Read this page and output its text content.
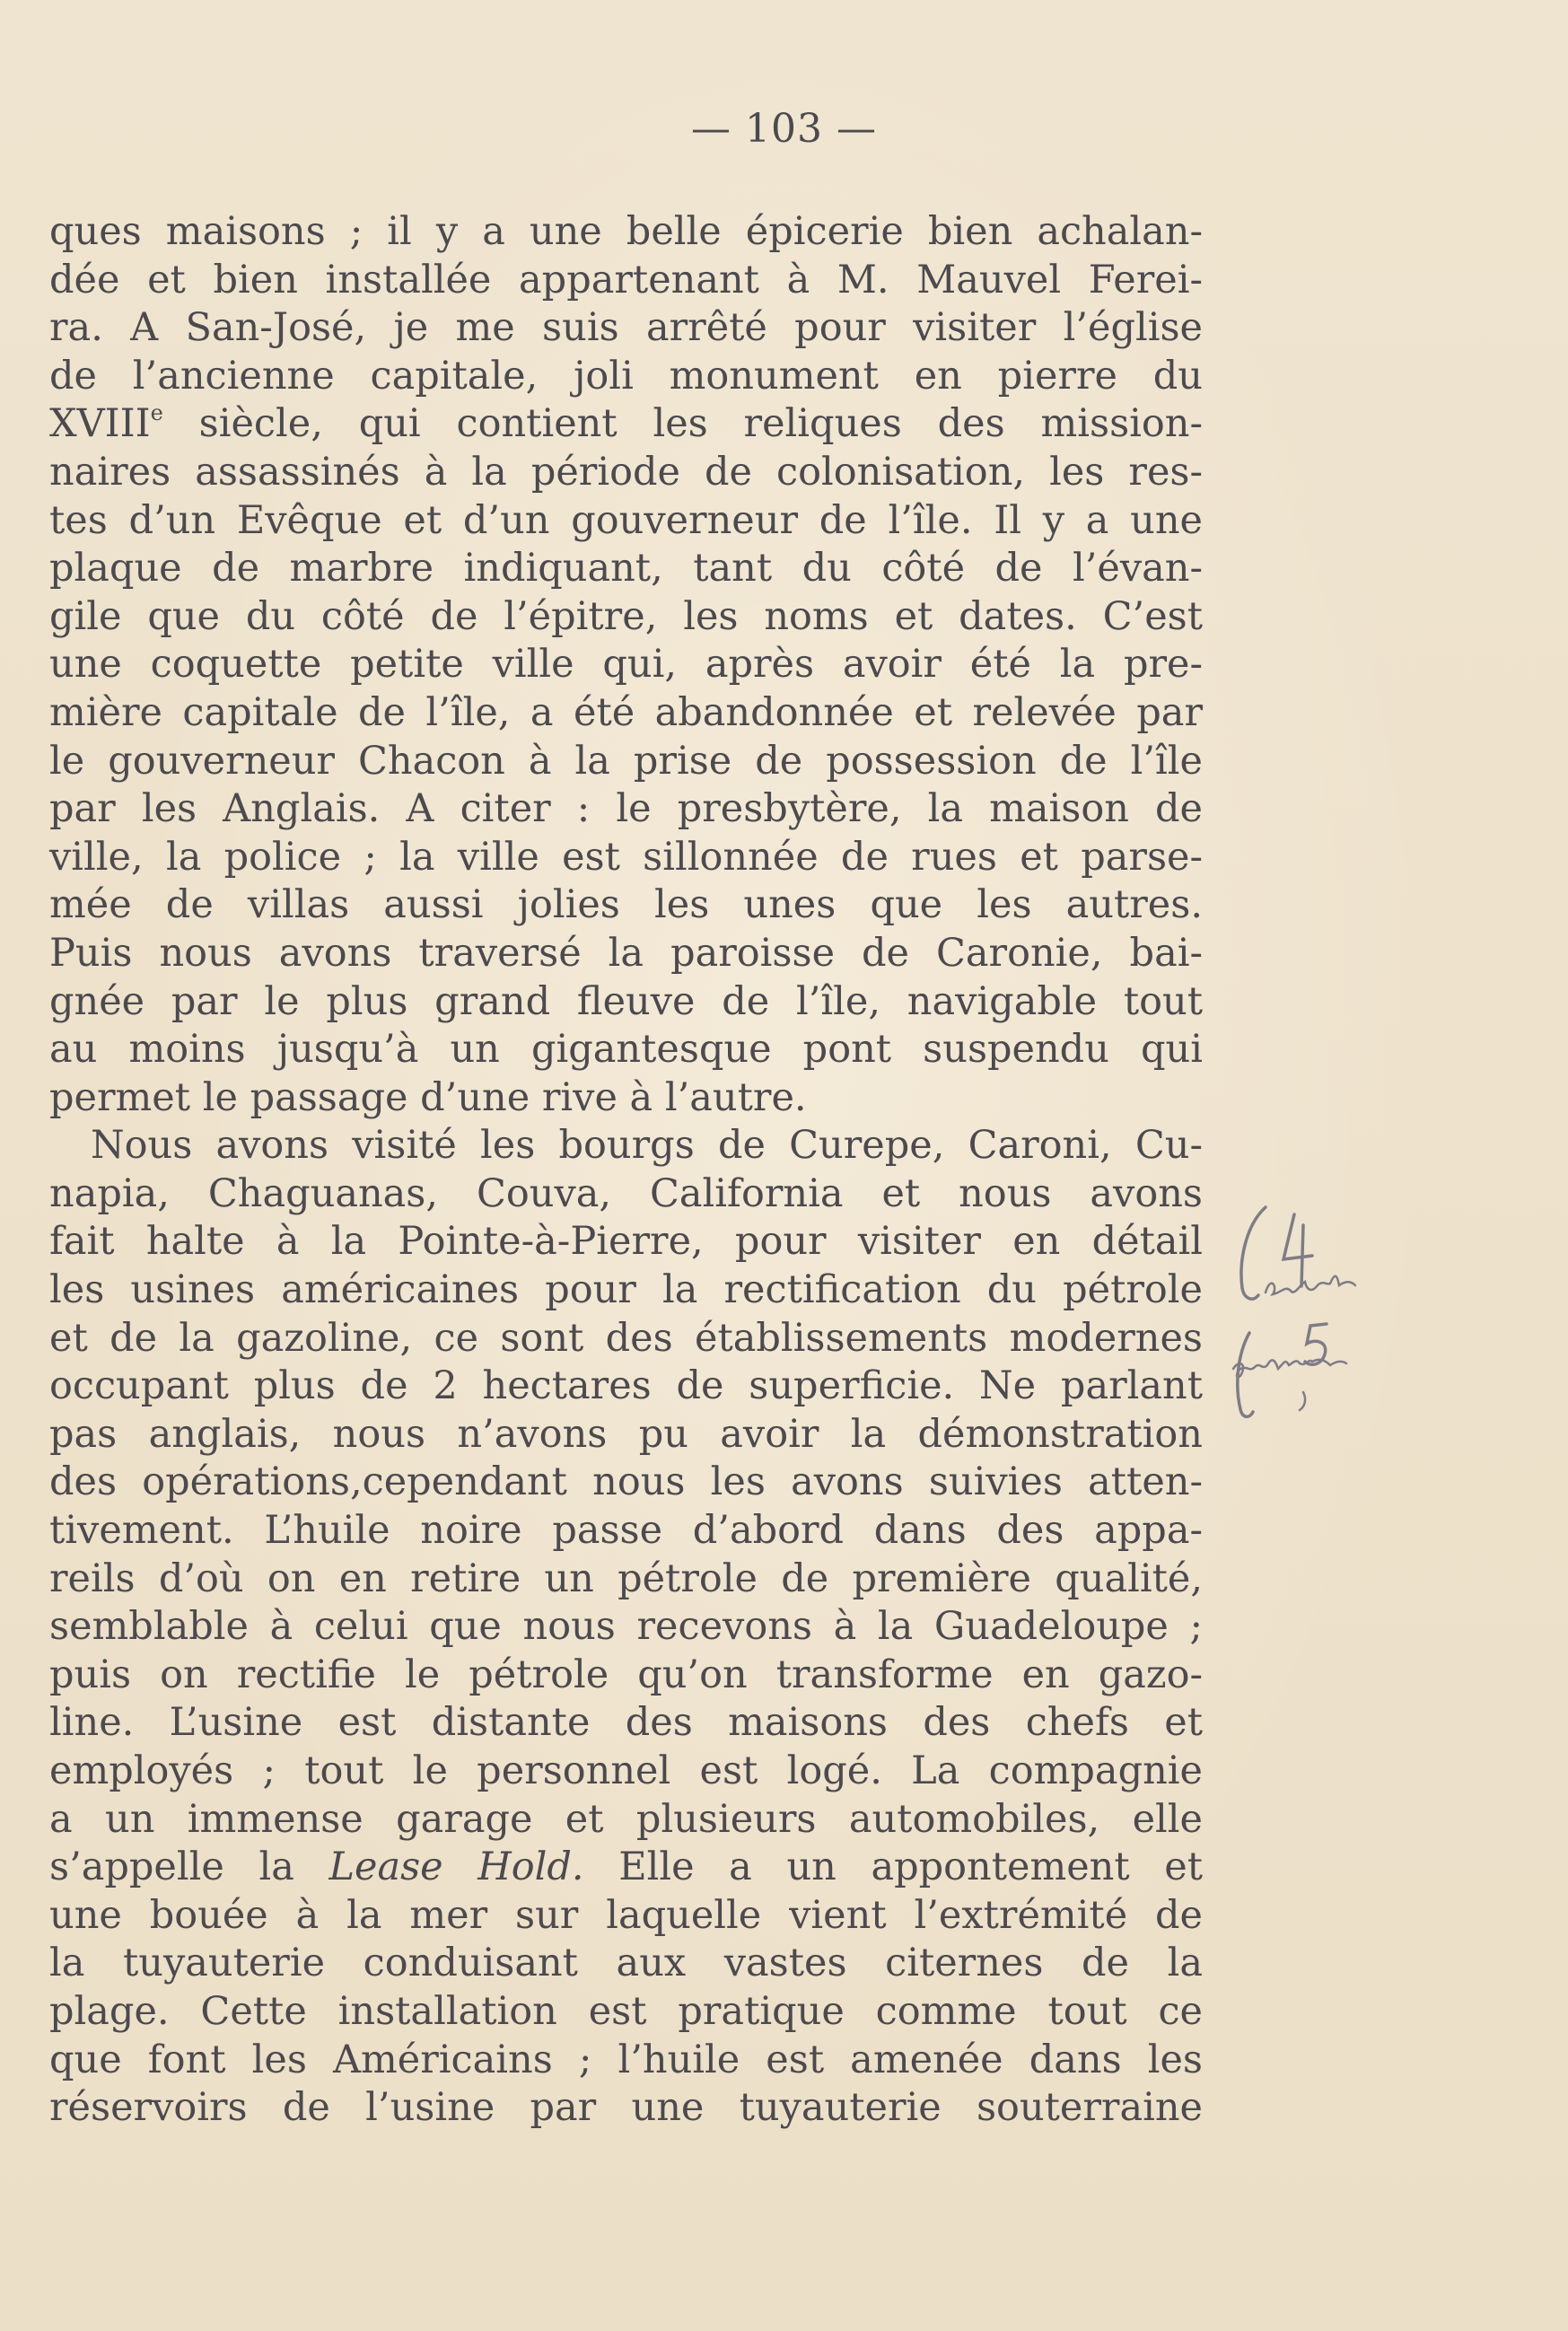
— 103 —
ques maisons ; il y a une belle épicerie bien achalan-
dée et bien installée appartenant à M. Mauvel Ferei-
ra. A San-José, je me suis arrêté pour visiter l’église
de l’ancienne capitale, joli monument en pierre du
XVIIIe siècle, qui contient les reliques des mission-
naires assassinés à la période de colonisation, les res-
tes d’un Evêque et d’un gouverneur de l’île. Il y a une
plaque de marbre indiquant, tant du côté de l’évan-
gile que du côté de l’épitre, les noms et dates. C’est
une coquette petite ville qui, après avoir été la pre-
mière capitale de l’île, a été abandonnée et relevée par
le gouverneur Chacon à la prise de possession de l’île
par les Anglais. A citer : le presbytère, la maison de
ville, la police ; la ville est sillonnée de rues et parse-
mée de villas aussi jolies les unes que les autres.
Puis nous avons traversé la paroisse de Caronie, bai-
gnée par le plus grand fleuve de l’île, navigable tout
au moins jusqu’à un gigantesque pont suspendu qui
permet le passage d’une rive à l’autre.
Nous avons visité les bourgs de Curepe, Caroni, Cu-
napia, Chaguanas, Couva, California et nous avons
fait halte à la Pointe-à-Pierre, pour visiter en détail
les usines américaines pour la rectification du pétrole
et de la gazoline, ce sont des établissements modernes
occupant plus de 2 hectares de superficie. Ne parlant
pas anglais, nous n’avons pu avoir la démonstration
des opérations,cependant nous les avons suivies atten-
tivement. L’huile noire passe d’abord dans des appa-
reils d’où on en retire un pétrole de première qualité,
semblable à celui que nous recevons à la Guadeloupe ;
puis on rectifie le pétrole qu’on transforme en gazo-
line. L’usine est distante des maisons des chefs et
employés ; tout le personnel est logé. La compagnie
a un immense garage et plusieurs automobiles, elle
s’appelle la Lease Hold. Elle a un appontement et
une bouée à la mer sur laquelle vient l’extrémité de
la tuyauterie conduisant aux vastes citernes de la
plage. Cette installation est pratique comme tout ce
que font les Américains ; l’huile est amenée dans les
réservoirs de l’usine par une tuyauterie souterraine
